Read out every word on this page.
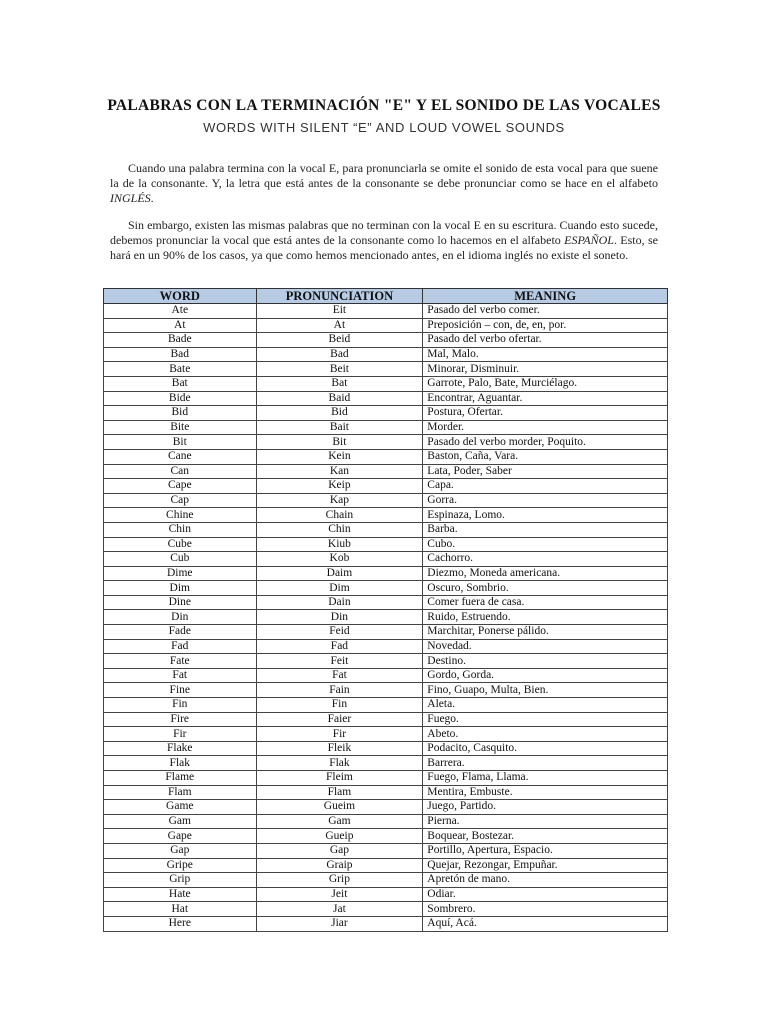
PALABRAS CON LA TERMINACIÓN "E" Y EL SONIDO DE LAS VOCALES
WORDS WITH SILENT “E” AND LOUD VOWEL SOUNDS
Cuando una palabra termina con la vocal E, para pronunciarla se omite el sonido de esta vocal para que suene la de la consonante. Y, la letra que está antes de la consonante se debe pronunciar como se hace en el alfabeto INGLÉS.
Sin embargo, existen las mismas palabras que no terminan con la vocal E en su escritura. Cuando esto sucede, debemos pronunciar la vocal que está antes de la consonante como lo hacemos en el alfabeto ESPAÑOL. Esto, se hará en un 90% de los casos, ya que como hemos mencionado antes, en el idioma inglés no existe el soneto.
WORD	PRONUNCIATION	MEANING
Ate	Eit	Pasado del verbo comer.
At	At	Preposición – con, de, en, por.
Bade	Beid	Pasado del verbo ofertar.
Bad	Bad	Mal, Malo.
Bate	Beit	Minorar, Disminuir.
Bat	Bat	Garrote, Palo, Bate, Murciélago.
Bide	Baid	Encontrar, Aguantar.
Bid	Bid	Postura, Ofertar.
Bite	Bait	Morder.
Bit	Bit	Pasado del verbo morder, Poquito.
Cane	Kein	Baston, Caña, Vara.
Can	Kan	Lata, Poder, Saber
Cape	Keip	Capa.
Cap	Kap	Gorra.
Chine	Chain	Espinaza, Lomo.
Chin	Chin	Barba.
Cube	Kiub	Cubo.
Cub	Kob	Cachorro.
Dime	Daim	Diezmo, Moneda americana.
Dim	Dim	Oscuro, Sombrio.
Dine	Dain	Comer fuera de casa.
Din	Din	Ruido, Estruendo.
Fade	Feid	Marchitar, Ponerse pálido.
Fad	Fad	Novedad.
Fate	Feit	Destino.
Fat	Fat	Gordo, Gorda.
Fine	Fain	Fino, Guapo, Multa, Bien.
Fin	Fin	Aleta.
Fire	Faier	Fuego.
Fir	Fir	Abeto.
Flake	Fleik	Podacito, Casquito.
Flak	Flak	Barrera.
Flame	Fleim	Fuego, Flama, Llama.
Flam	Flam	Mentira, Embuste.
Game	Gueim	Juego, Partido.
Gam	Gam	Pierna.
Gape	Gueip	Boquear, Bostezar.
Gap	Gap	Portillo, Apertura, Espacio.
Gripe	Graip	Quejar, Rezongar, Empuñar.
Grip	Grip	Apretón de mano.
Hate	Jeit	Odiar.
Hat	Jat	Sombrero.
Here	Jiar	Aquí, Acá.
